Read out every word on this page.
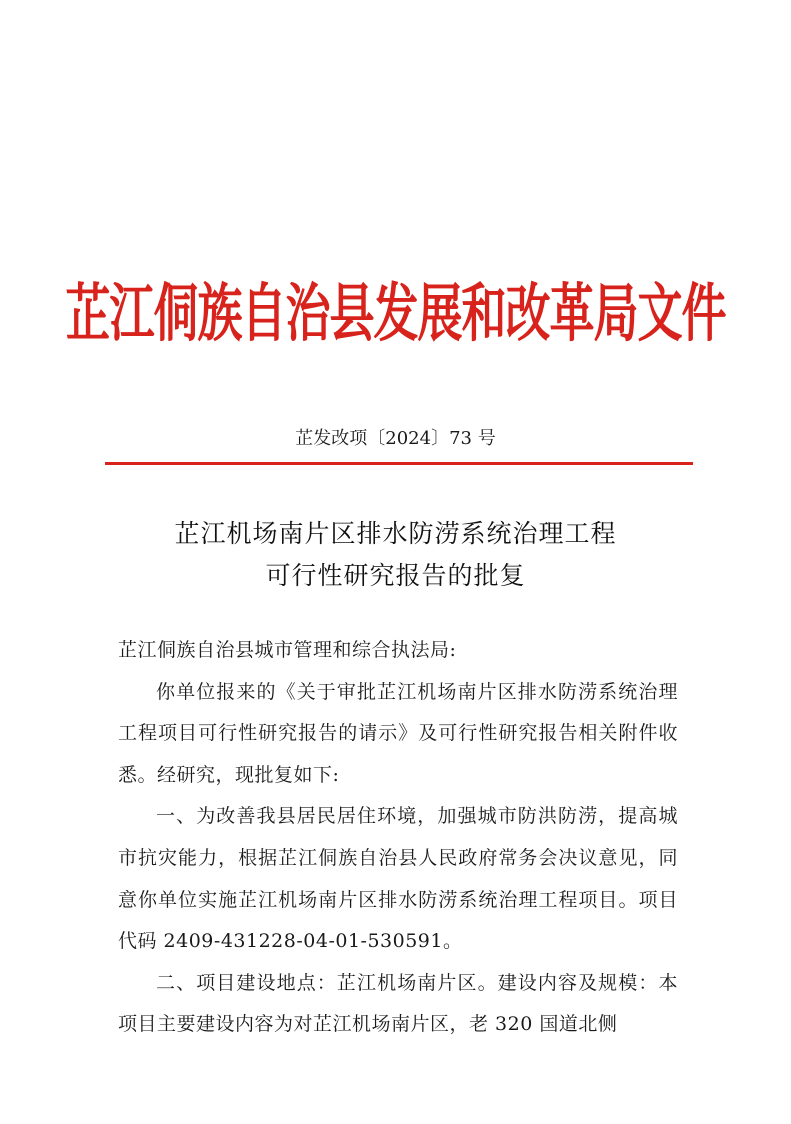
芷江侗族自治县发展和改革局文件
芷发改项〔2024〕73 号
芷江机场南片区排水防涝系统治理工程
可行性研究报告的批复

芷江侗族自治县城市管理和综合执法局:

你单位报来的《关于审批芷江机场南片区排水防涝系统治理工程项目可行性研究报告的请示》及可行性研究报告相关附件收悉。经研究，现批复如下:

一、为改善我县居民居住环境，加强城市防洪防涝，提高城市抗灾能力，根据芷江侗族自治县人民政府常务会决议意见，同意你单位实施芷江机场南片区排水防涝系统治理工程项目。项目代码 2409-431228-04-01-530591。

二、项目建设地点：芷江机场南片区。建设内容及规模：本项目主要建设内容为对芷江机场南片区，老 320 国道北侧
